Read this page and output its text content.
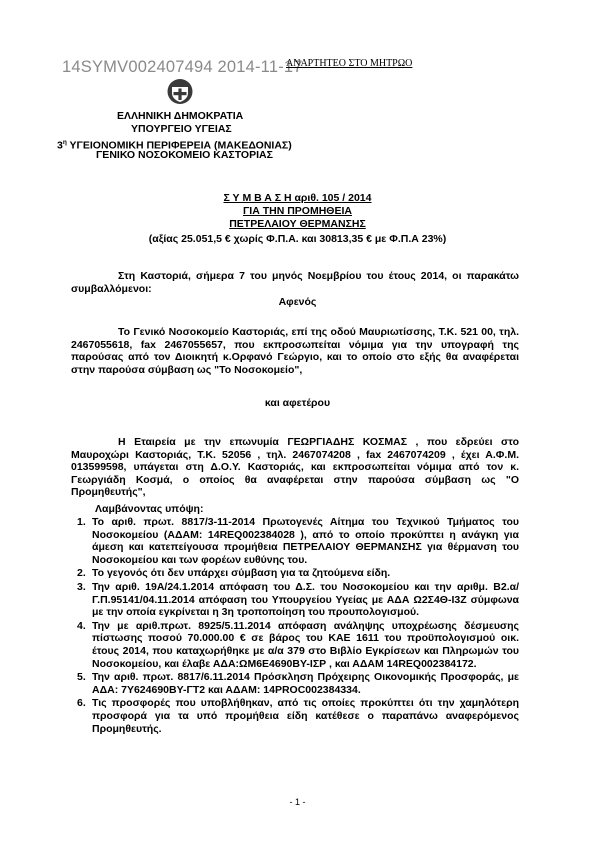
14SYMV002407494 2014-11-17
ΑΝΑΡΤΗΤΕΟ ΣΤΟ ΜΗΤΡΩΟ
ΕΛΛΗΝΙΚΗ ΔΗΜΟΚΡΑΤΙΑ
ΥΠΟΥΡΓΕΙΟ ΥΓΕΙΑΣ
$3^\eta$ ΥΓΕΙΟΝΟΜΙΚΗ ΠΕΡΙΦΕΡΕΙΑ (ΜΑΚΕΔΟΝΙΑΣ)
ΓΕΝΙΚΟ ΝΟΣΟΚΟΜΕΙΟ ΚΑΣΤΟΡΙΑΣ
Σ Υ Μ Β Α Σ Η αριθ. 105 / 2014
ΓΙΑ ΤΗΝ ΠΡΟΜΗΘΕΙΑ
ΠΕΤΡΕΛΑΙΟΥ ΘΕΡΜΑΝΣΗΣ
(αξίας 25.051,5 € χωρίς Φ.Π.Α. και 30813,35 € με Φ.Π.Α 23%)
Στη Καστοριά, σήμερα 7 του μηνός Νοεμβρίου του έτους 2014, οι παρακάτω συμβαλλόμενοι:
Αφενός
Το Γενικό Νοσοκομείο Καστοριάς, επί της οδού Μαυριωτίσσης, Τ.Κ. 521 00, τηλ. 2467055618, fax 2467055657, που εκπροσωπείται νόμιμα για την υπογραφή της παρούσας από τον Διοικητή κ.Ορφανό Γεώργιο, και το οποίο στο εξής θα αναφέρεται στην παρούσα σύμβαση ως "Το Νοσοκομείο",
και αφετέρου
Η Εταιρεία με την επωνυμία ΓΕΩΡΓΙΑΔΗΣ ΚΟΣΜΑΣ , που εδρεύει στο Μαυροχώρι Καστοριάς, Τ.Κ. 52056 , τηλ. 2467074208 , fax 2467074209 , έχει Α.Φ.Μ. 013599598, υπάγεται στη Δ.Ο.Υ. Καστοριάς, και εκπροσωπείται νόμιμα από τον κ. Γεωργιάδη Κοσμά, ο οποίος θα αναφέρεται στην παρούσα σύμβαση ως "Ο Προμηθευτής",
Λαμβάνοντας υπόψη:
1. Το αριθ. πρωτ. 8817/3-11-2014 Πρωτογενές Αίτημα του Τεχνικού Τμήματος του Νοσοκομείου (ΑΔΑΜ: 14REQ002384028 ), από το οποίο προκύπτει η ανάγκη για άμεση και κατεπείγουσα προμήθεια ΠΕΤΡΕΛΑΙΟΥ ΘΕΡΜΑΝΣΗΣ για θέρμανση του Νοσοκομείου και των φορέων ευθύνης του.
2. Το γεγονός ότι δεν υπάρχει σύμβαση για τα ζητούμενα είδη.
3. Την αριθ. 19Α/24.1.2014 απόφαση του Δ.Σ. του Νοσοκομείου και την αριθμ. Β2.α/Γ.Π.95141/04.11.2014 απόφαση του Υπουργείου Υγείας με ΑΔΑ Ω2Σ4Θ-Ι3Ζ σύμφωνα με την οποία εγκρίνεται η 3η τροποποίηση του προυπολογισμού.
4. Την με αριθ.πρωτ. 8925/5.11.2014 απόφαση ανάληψης υποχρέωσης δέσμευσης πίστωσης ποσού 70.000.00 € σε βάρος του ΚΑΕ 1611 του προϋπολογισμού οικ. έτους 2014, που καταχωρήθηκε με α/α 379 στο Βιβλίο Εγκρίσεων και Πληρωμών του Νοσοκομείου, και έλαβε ΑΔΑ:ΩΜ6Ε4690ΒΥ-ΙΣΡ , και ΑΔΑΜ 14REQ002384172.
5. Την αριθ. πρωτ. 8817/6.11.2014 Πρόσκληση Πρόχειρης Οικονομικής Προσφοράς, με ΑΔΑ: 7Υ624690ΒΥ-ΓΤ2 και ΑΔΑΜ: 14PROC002384334.
6. Τις προσφορές που υποβλήθηκαν, από τις οποίες προκύπτει ότι την χαμηλότερη προσφορά για τα υπό προμήθεια είδη κατέθεσε ο παραπάνω αναφερόμενος Προμηθευτής.
- 1 -
